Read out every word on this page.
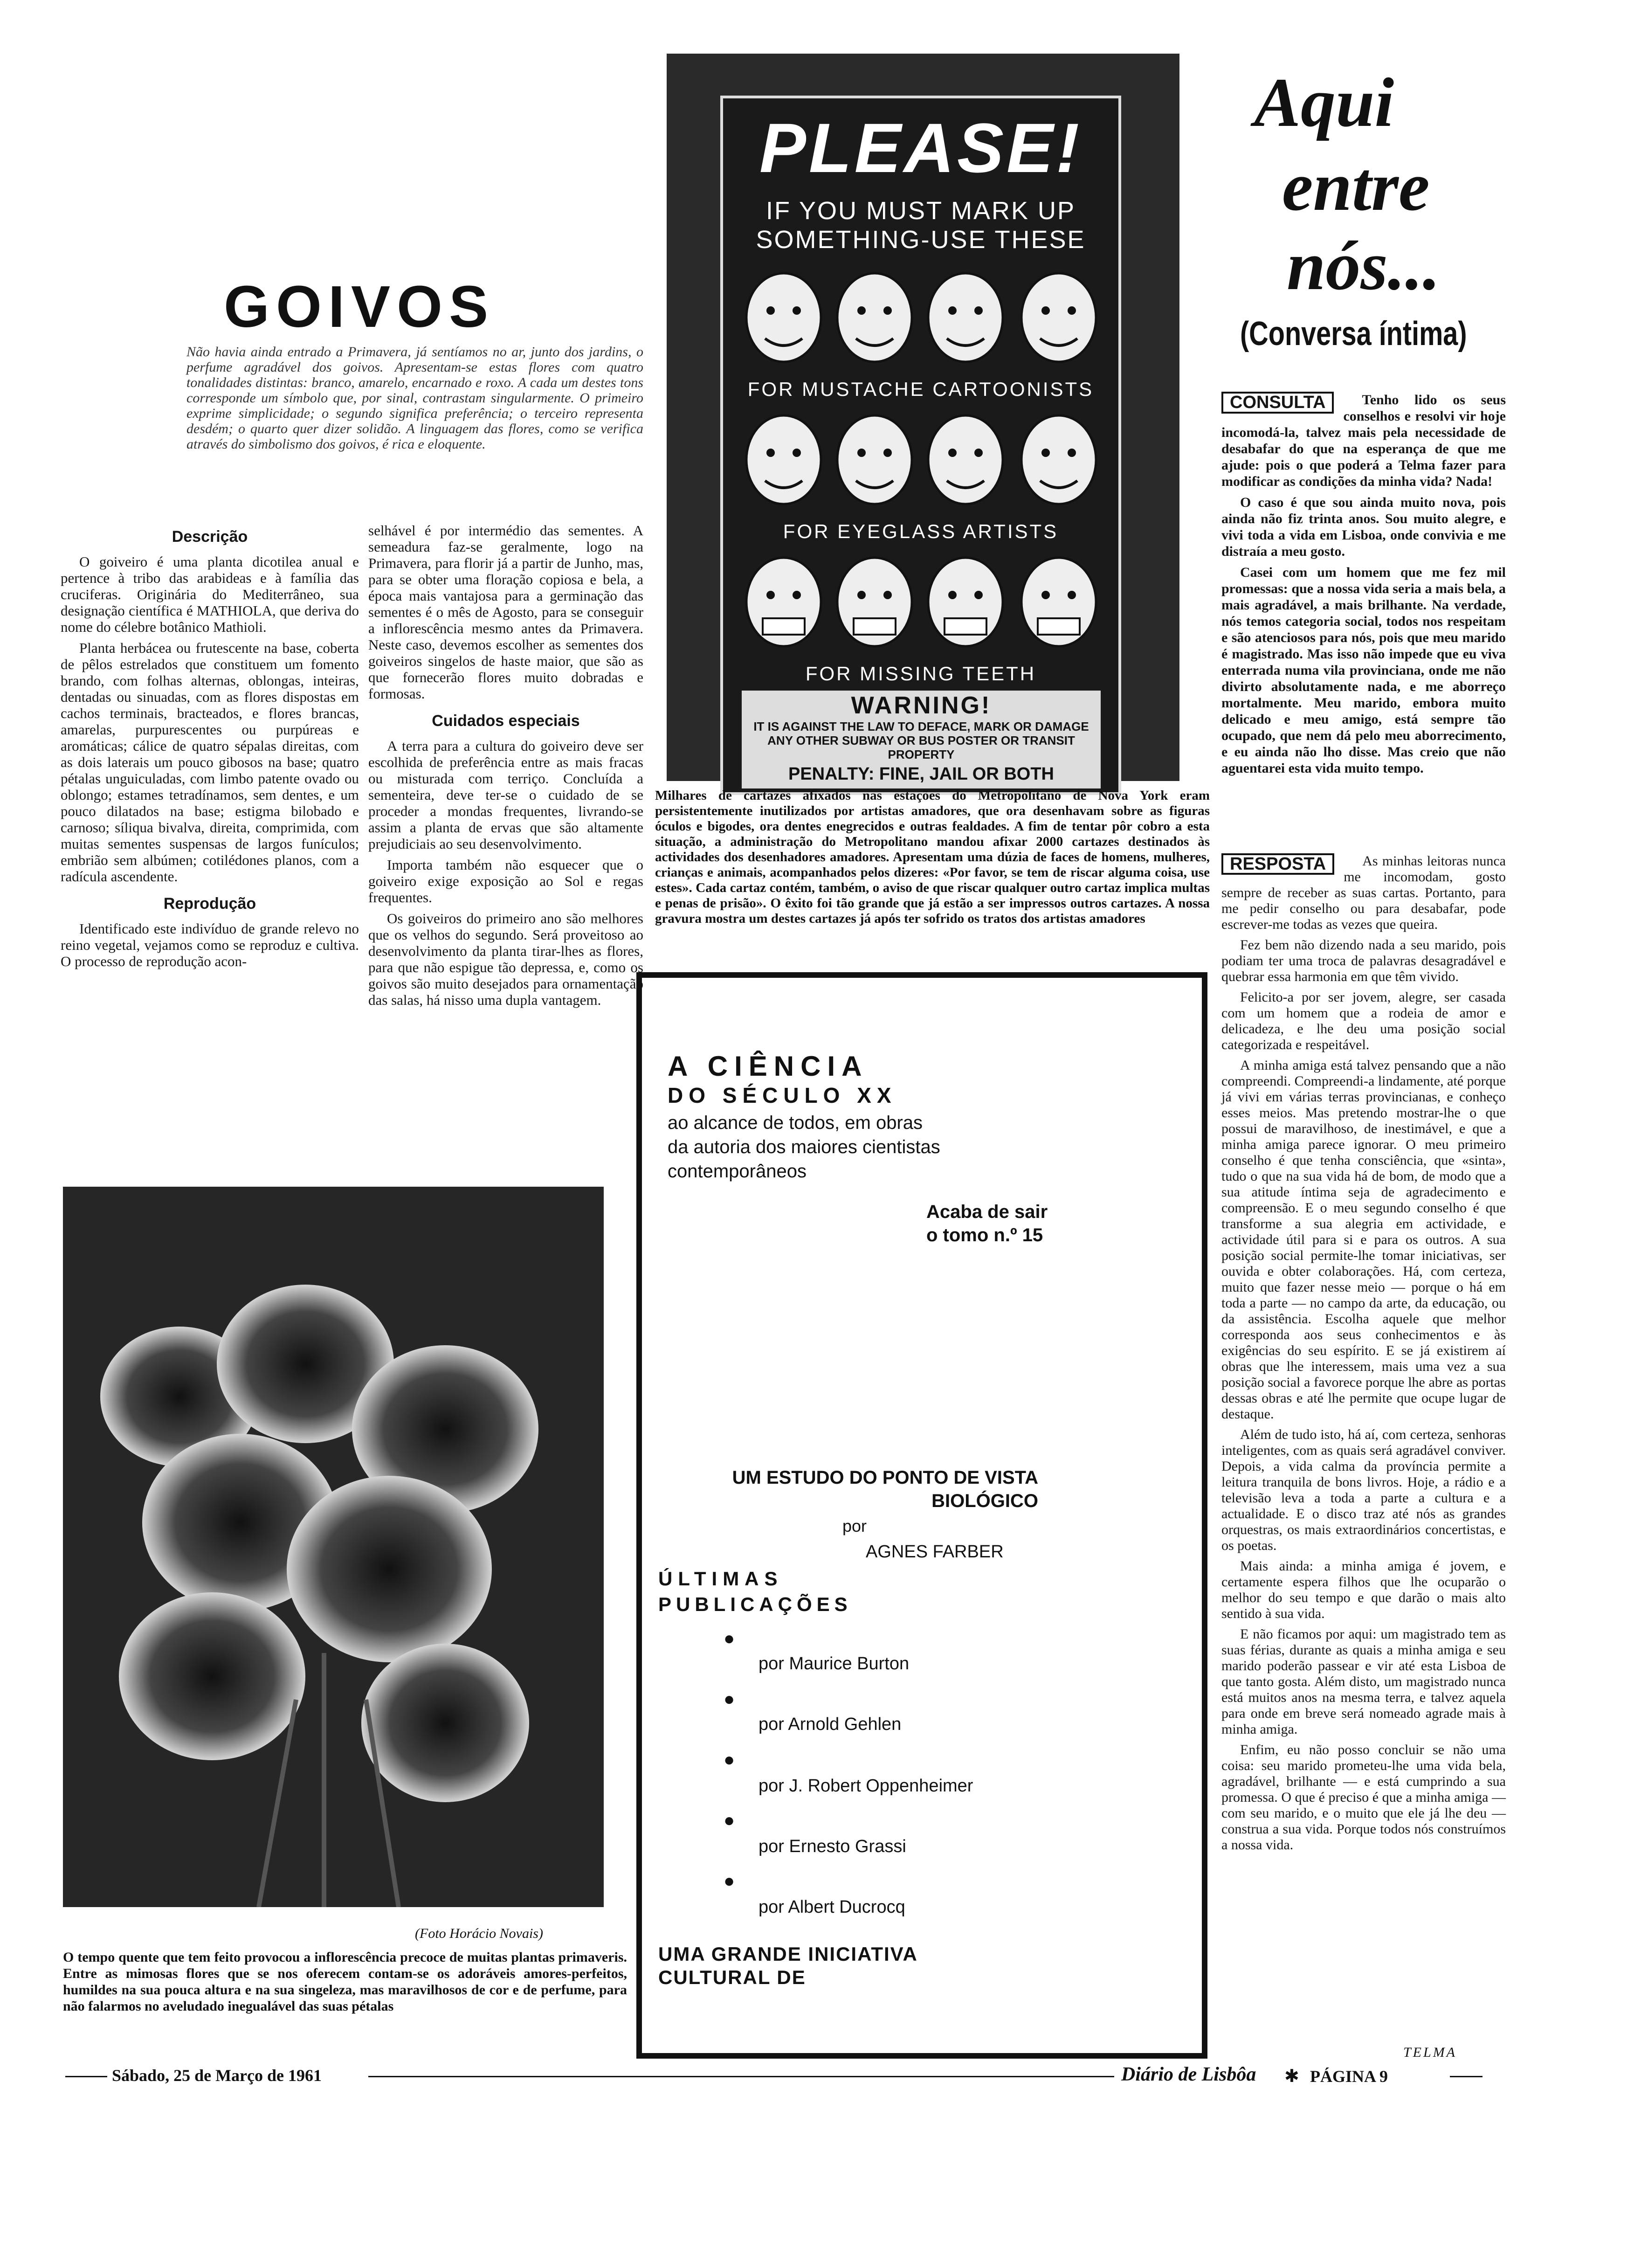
GOIVOS
Não havia ainda entrado a Primavera, já sentíamos no ar, junto dos jardins, o perfume agradável dos goivos. Apresentam-se estas flores com quatro tonalidades distintas: branco, amarelo, encarnado e roxo. A cada um destes tons corresponde um símbolo que, por sinal, contrastam singularmente. O primeiro exprime simplicidade; o segundo significa preferência; o terceiro representa desdém; o quarto quer dizer solidão. A linguagem das flores, como se verifica através do simbolismo dos goivos, é rica e eloquente.
Descrição

O goiveiro é uma planta dicotilea anual e pertence à tribo das arabideas e à família das cruciferas. Originária do Mediterrâneo, sua designação científica é MATHIOLA, que deriva do nome do célebre botânico Mathioli.

Planta herbácea ou frutescente na base, coberta de pêlos estrelados que constituem um fomento brando, com folhas alternas, oblongas, inteiras, dentadas ou sinuadas, com as flores dispostas em cachos terminais, bracteados, e flores brancas, amarelas, purpurescentes ou purpúreas e aromáticas; cálice de quatro sépalas direitas, com as dois laterais um pouco gibosos na base; quatro pétalas unguiculadas, com limbo patente ovado ou oblongo; estames tetradínamos, sem dentes, e um pouco dilatados na base; estigma bilobado e carnoso; síliqua bivalva, direita, comprimida, com muitas sementes suspensas de largos funículos; embrião sem albúmen; cotilédones planos, com a radícula ascendente.

Reprodução

Identificado este indivíduo de grande relevo no reino vegetal, vejamos como se reproduz e cultiva. O processo de reprodução acon-

selhável é por intermédio das sementes. A semeadura faz-se geralmente, logo na Primavera, para florir já a partir de Junho, mas, para se obter uma floração copiosa e bela, a época mais vantajosa para a germinação das sementes é o mês de Agosto, para se conseguir a inflorescência mesmo antes da Primavera. Neste caso, devemos escolher as sementes dos goiveiros singelos de haste maior, que são as que fornecerão flores muito dobradas e formosas.

Cuidados especiais

A terra para a cultura do goiveiro deve ser escolhida de preferência entre as mais fracas ou misturada com terriço. Concluída a sementeira, deve ter-se o cuidado de se proceder a mondas frequentes, livrando-se assim a planta de ervas que são altamente prejudiciais ao seu desenvolvimento.

Importa também não esquecer que o goiveiro exige exposição ao Sol e regas frequentes.

Os goiveiros do primeiro ano são melhores que os velhos do segundo. Será proveitoso ao desenvolvimento da planta tirar-lhes as flores, para que não espigue tão depressa, e, como os goivos são muito desejados para ornamentação das salas, há nisso uma dupla vantagem.

PLEASE!
IF YOU MUST MARK UP
SOMETHING-USE THESE
FOR MUSTACHE CARTOONISTS
FOR EYEGLASS ARTISTS
FOR MISSING TEETH
WARNING!
IT IS AGAINST THE LAW TO DEFACE, MARK OR DAMAGE ANY OTHER SUBWAY OR BUS POSTER OR TRANSIT PROPERTY
PENALTY: FINE, JAIL OR BOTH
Milhares de cartazes afixados nas estações do Metropolitano de Nova York eram persistentemente inutilizados por artistas amadores, que ora desenhavam sobre as figuras óculos e bigodes, ora dentes enegrecidos e outras fealdades. A fim de tentar pôr cobro a esta situação, a administração do Metropolitano mandou afixar 2000 cartazes destinados às actividades dos desenhadores amadores. Apresentam uma dúzia de faces de homens, mulheres, crianças e animais, acompanhados pelos dizeres: «Por favor, se tem de riscar alguma coisa, use estes». Cada cartaz contém, também, o aviso de que riscar qualquer outro cartaz implica multas e penas de prisão». O êxito foi tão grande que já estão a ser impressos outros cartazes. A nossa gravura mostra um destes cartazes já após ter sofrido os tratos dos artistas amadores
A CIÊNCIA
DO SÉCULO XX
ao alcance de todos, em obras da autoria dos maiores cientistas contemporâneos
Acaba de sair
o tomo n.º 15
UM ESTUDO DO PONTO DE VISTA
BIOLÓGICO
por
AGNES FARBER
ÚLTIMAS
PUBLICAÇÕES
●
por Maurice Burton
●
por Arnold Gehlen
●
por J. Robert Oppenheimer
●
por Ernesto Grassi
●
por Albert Ducrocq
UMA GRANDE INICIATIVA
CULTURAL DE
(Foto Horácio Novais)
O tempo quente que tem feito provocou a inflorescência precoce de muitas plantas primaveris. Entre as mimosas flores que se nos oferecem contam-se os adoráveis amores-perfeitos, humildes na sua pouca altura e na sua singeleza, mas maravilhosos de cor e de perfume, para não falarmos no aveludado inegualável das suas pétalas
Aqui
entre
nós...
(Conversa íntima)
CONSULTA	Tenho lido os seus conselhos e resolvi vir hoje incomodá-la, talvez mais pela necessidade de desabafar do que na esperança de que me ajude: pois o que poderá a Telma fazer para modificar as condições da minha vida? Nada!

O caso é que sou ainda muito nova, pois ainda não fiz trinta anos. Sou muito alegre, e vivi toda a vida em Lisboa, onde convivia e me distraía a meu gosto.

Casei com um homem que me fez mil promessas: que a nossa vida seria a mais bela, a mais agradável, a mais brilhante. Na verdade, nós temos categoria social, todos nos respeitam e são atenciosos para nós, pois que meu marido é magistrado. Mas isso não impede que eu viva enterrada numa vila provinciana, onde me não divirto absolutamente nada, e me aborreço mortalmente. Meu marido, embora muito delicado e meu amigo, está sempre tão ocupado, que nem dá pelo meu aborrecimento, e eu ainda não lho disse. Mas creio que não aguentarei esta vida muito tempo.

RESPOSTA	As minhas leitoras nunca me incomodam, gosto sempre de receber as suas cartas. Portanto, para me pedir conselho ou para desabafar, pode escrever-me todas as vezes que queira.

Fez bem não dizendo nada a seu marido, pois podiam ter uma troca de palavras desagradável e quebrar essa harmonia em que têm vivido.

Felicito-a por ser jovem, alegre, ser casada com um homem que a rodeia de amor e delicadeza, e lhe deu uma posição social categorizada e respeitável.

A minha amiga está talvez pensando que a não compreendi. Compreendi-a lindamente, até porque já vivi em várias terras provincianas, e conheço esses meios. Mas pretendo mostrar-lhe o que possui de maravilhoso, de inestimável, e que a minha amiga parece ignorar. O meu primeiro conselho é que tenha consciência, que «sinta», tudo o que na sua vida há de bom, de modo que a sua atitude íntima seja de agradecimento e compreensão. E o meu segundo conselho é que transforme a sua alegria em actividade, e actividade útil para si e para os outros. A sua posição social permite-lhe tomar iniciativas, ser ouvida e obter colaborações. Há, com certeza, muito que fazer nesse meio — porque o há em toda a parte — no campo da arte, da educação, ou da assistência. Escolha aquele que melhor corresponda aos seus conhecimentos e às exigências do seu espírito. E se já existirem aí obras que lhe interessem, mais uma vez a sua posição social a favorece porque lhe abre as portas dessas obras e até lhe permite que ocupe lugar de destaque.

Além de tudo isto, há aí, com certeza, senhoras inteligentes, com as quais será agradável conviver. Depois, a vida calma da província permite a leitura tranquila de bons livros. Hoje, a rádio e a televisão leva a toda a parte a cultura e a actualidade. E o disco traz até nós as grandes orquestras, os mais extraordinários concertistas, e os poetas.

Mais ainda: a minha amiga é jovem, e certamente espera filhos que lhe ocuparão o melhor do seu tempo e que darão o mais alto sentido à sua vida.

E não ficamos por aqui: um magistrado tem as suas férias, durante as quais a minha amiga e seu marido poderão passear e vir até esta Lisboa de que tanto gosta. Além disto, um magistrado nunca está muitos anos na mesma terra, e talvez aquela para onde em breve será nomeado agrade mais à minha amiga.

Enfim, eu não posso concluir se não uma coisa: seu marido prometeu-lhe uma vida bela, agradável, brilhante — e está cumprindo a sua promessa. O que é preciso é que a minha amiga — com seu marido, e o muito que ele já lhe deu — construa a sua vida. Porque todos nós construímos a nossa vida.

TELMA
Sábado, 25 de Março de 1961	Diário de Lisbôa ✱ PÁGINA 9
